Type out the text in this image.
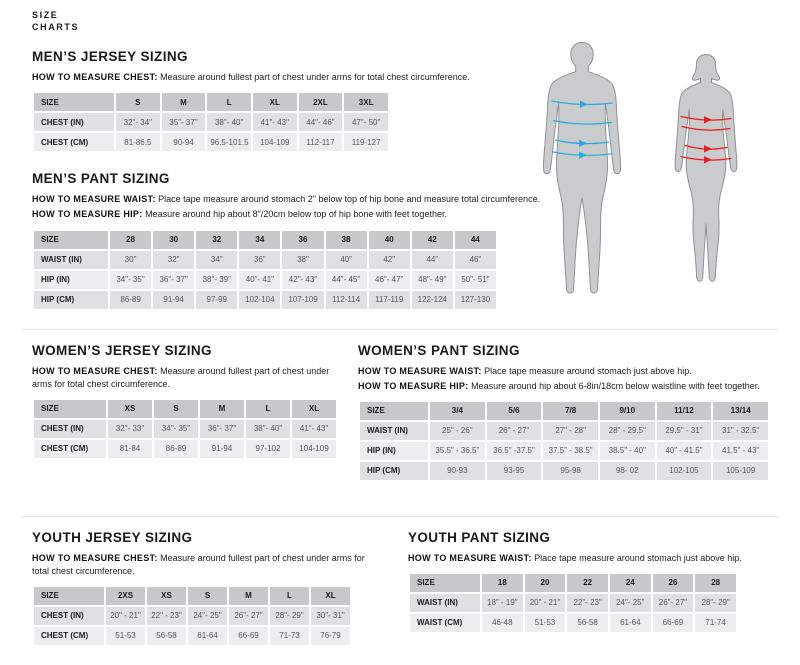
SIZE
CHARTS
MEN’S JERSEY SIZING

HOW TO MEASURE CHEST: Measure around fullest part of chest under arms for total chest circumference.

SIZE	S	M	L	XL	2XL	3XL
CHEST (IN)	32"- 34"	35"- 37"	38"- 40"	41"- 43"	44"- 46"	47"- 50"
CHEST (CM)	81-86.5	90-94	96.5-101.5	104-109	112-117	119-127
MEN’S PANT SIZING

HOW TO MEASURE WAIST: Place tape measure around stomach 2" below top of hip bone and measure total circumference.

HOW TO MEASURE HIP: Measure around hip about 8"/20cm below top of hip bone with feet together.

SIZE	28	30	32	34	36	38	40	42	44
WAIST (IN)	30"	32"	34"	36"	38"	40"	42"	44"	46"
HIP (IN)	34"- 35"	36"- 37"	38"- 39"	40"- 41"	42"- 43"	44"- 45"	46"- 47"	48"- 49"	50"- 51"
HIP (CM)	86-89	91-94	97-99	102-104	107-109	112-114	117-119	122-124	127-130
WOMEN’S JERSEY SIZING

HOW TO MEASURE CHEST: Measure around fullest part of chest under arms for total chest circumference.

SIZE	XS	S	M	L	XL
CHEST (IN)	32"- 33"	34"- 35"	36"- 37"	38"- 40"	41"- 43"
CHEST (CM)	81-84	86-89	91-94	97-102	104-109
WOMEN’S PANT SIZING

HOW TO MEASURE WAIST: Place tape measure around stomach just above hip.

HOW TO MEASURE HIP: Measure around hip about 6-8in/18cm below waistline with feet together.

SIZE	3/4	5/6	7/8	9/10	11/12	13/14
WAIST (IN)	25" - 26"	26" - 27"	27" - 28"	28" - 29.5"	29.5" - 31"	31" - 32.5"
HIP (IN)	35.5" - 36.5"	36.5" -37.5"	37.5" - 38.5"	38.5" - 40"	40" - 41.5"	41.5" - 43"
HIP (CM)	90-93	93-95	95-98	98- 02	102-105	105-109
YOUTH JERSEY SIZING

HOW TO MEASURE CHEST: Measure around fullest part of chest under arms for total chest circumference.

SIZE	2XS	XS	S	M	L	XL
CHEST (IN)	20" - 21"	22" - 23"	24"- 25"	26"- 27"	28"- 29"	30"- 31"
CHEST (CM)	51-53	56-58	61-64	66-69	71-73	76-79
YOUTH PANT SIZING

HOW TO MEASURE WAIST: Place tape measure around stomach just above hip.

SIZE	18	20	22	24	26	28
WAIST (IN)	18" - 19"	20" - 21"	22"- 23"	24"- 25"	26"- 27"	28"- 29"
WAIST (CM)	46-48	51-53	56-58	61-64	66-69	71-74
